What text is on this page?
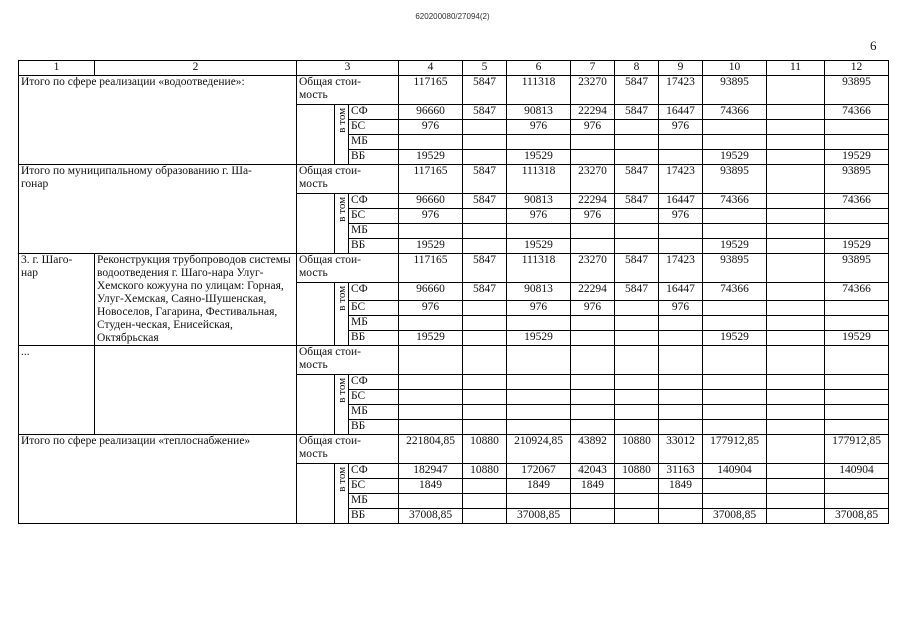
620200080/27094(2)
6
1	2	3			4	5	6	7	8	9	10	11	12
Итого по сфере реализации «водоотведение»:		Общая стои-
мость			117165	5847	111318	23270	5847	17423	93895		93895
			в том	СФ	96660	5847	90813	22294	5847	16447	74366		74366
				БС	976		976	976		976			
				МБ									
				ВБ	19529		19529				19529		19529
Итого по муниципальному образованию г. Ша-
гонар		Общая стои-
мость			117165	5847	111318	23270	5847	17423	93895		93895
			в том	СФ	96660	5847	90813	22294	5847	16447	74366		74366
				БС	976		976	976		976			
				МБ									
				ВБ	19529		19529				19529		19529
3. г. Шаго-
нар	Реконструкция трубопроводов системы водоотведения г. Шаго-нара Улуг-Хемского кожууна по улицам: Горная, Улуг-Хемская, Саяно-Шушенская, Новоселов, Гагарина, Фестивальная, Студен-ческая, Енисейская, Октябрьская	Общая стои-
мость			117165	5847	111318	23270	5847	17423	93895		93895
			в том	СФ	96660	5847	90813	22294	5847	16447	74366		74366
				БС	976		976	976		976			
				МБ									
				ВБ	19529		19529				19529		19529
...		Общая стои-
мость											
			в том	СФ									
				БС									
				МБ									
				ВБ									
Итого по сфере реализации «теплоснабжение»		Общая стои-
мость			221804,85	10880	210924,85	43892	10880	33012	177912,85		177912,85
			в том	СФ	182947	10880	172067	42043	10880	31163	140904		140904
				БС	1849		1849	1849		1849			
				МБ									
				ВБ	37008,85		37008,85				37008,85		37008,85
